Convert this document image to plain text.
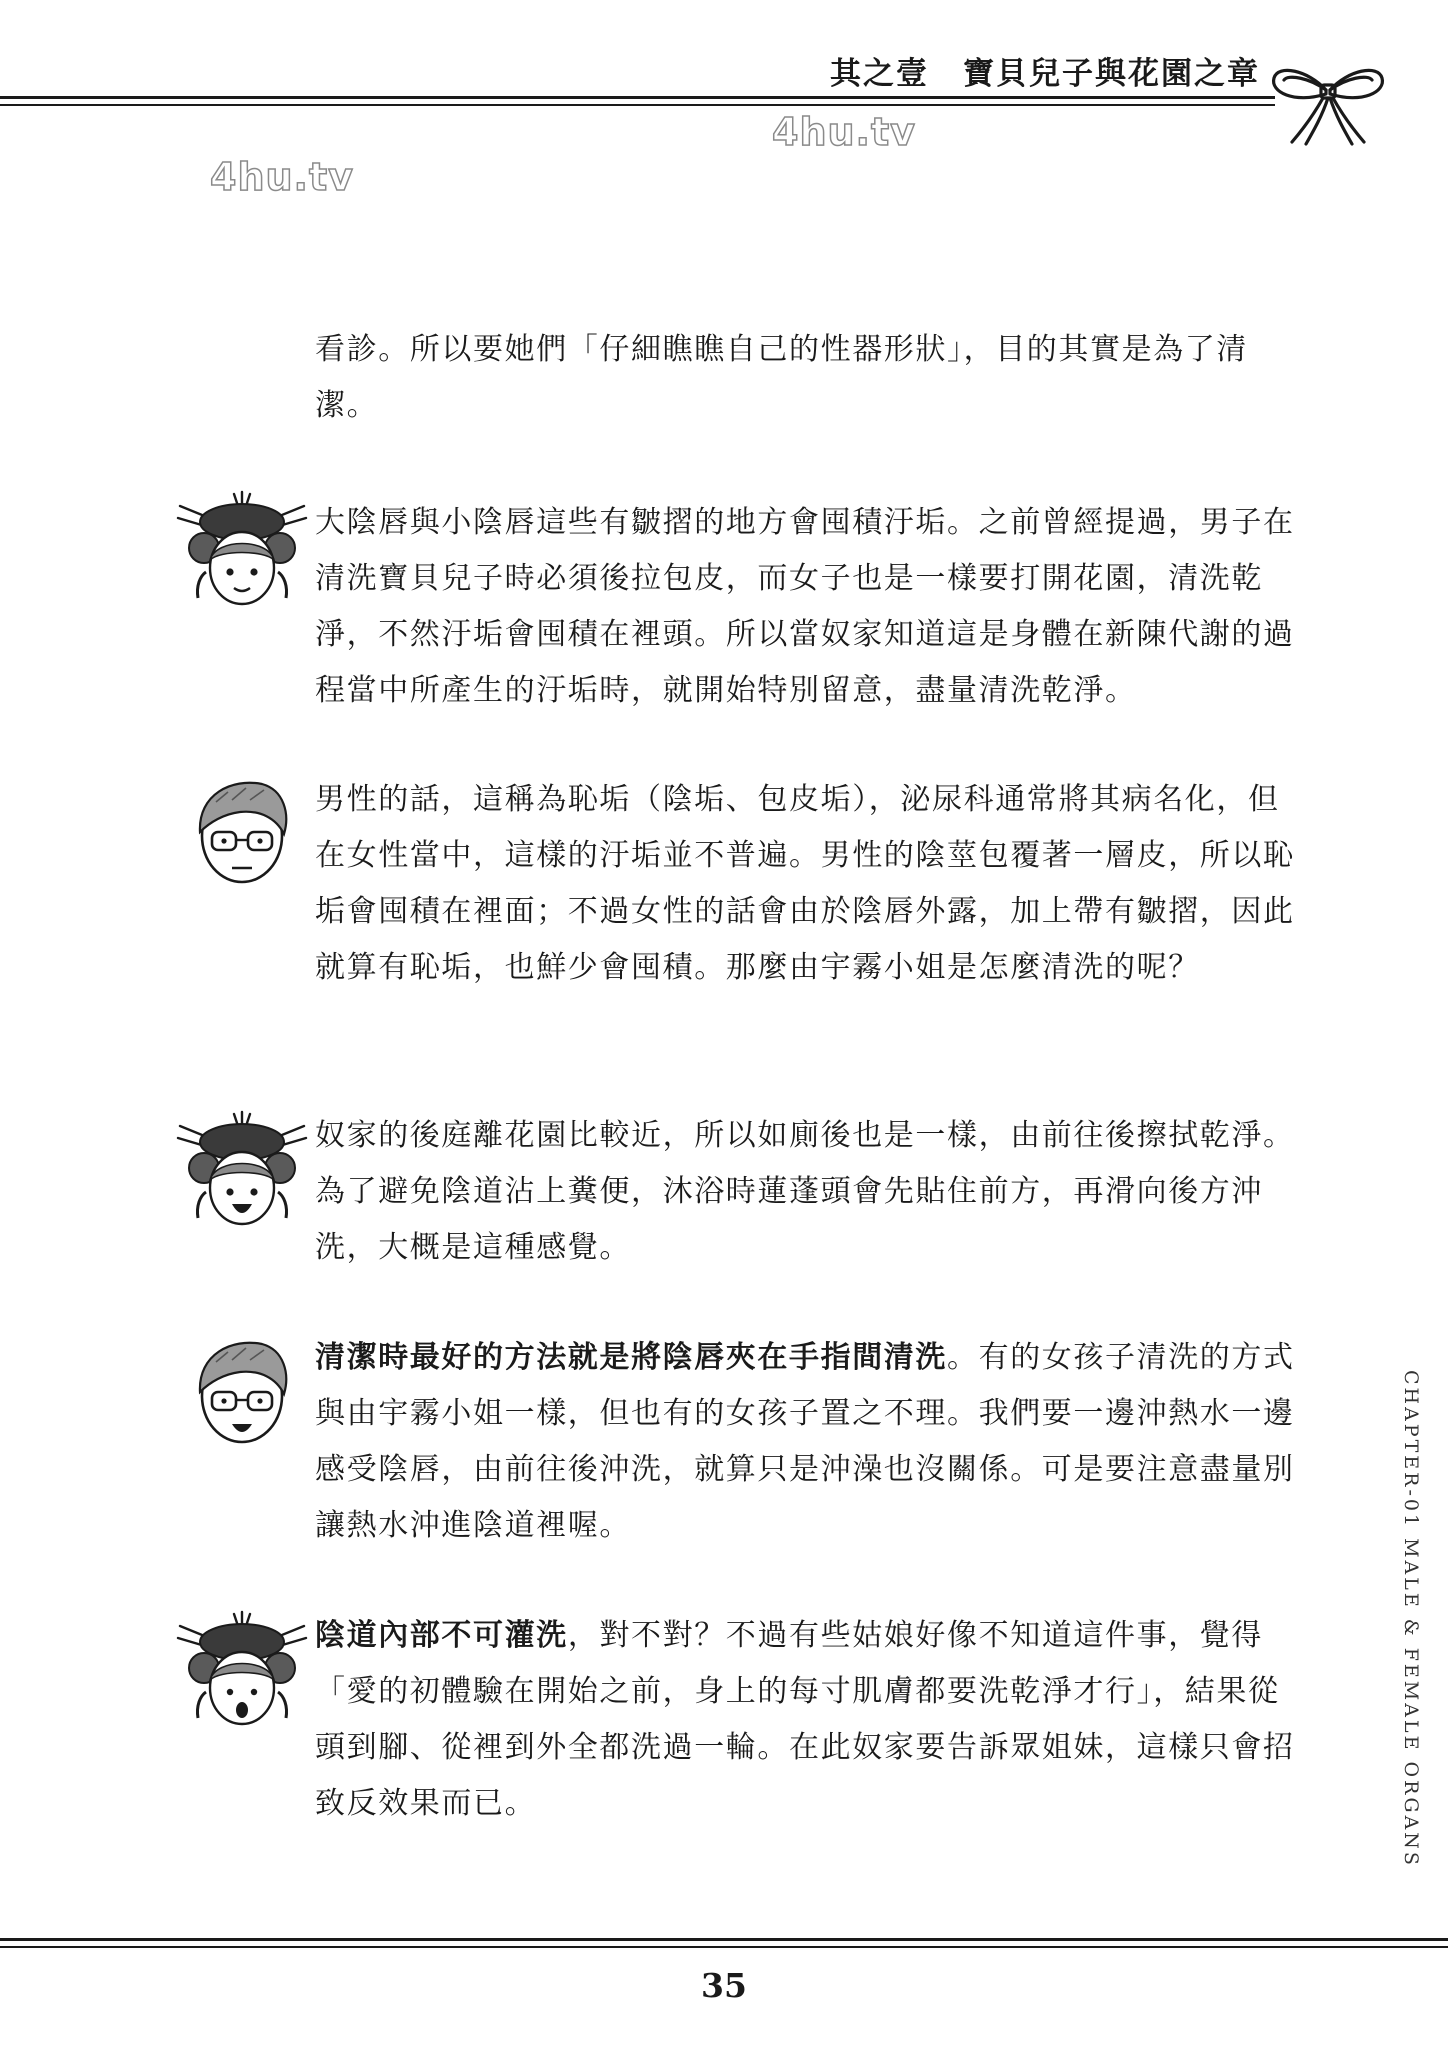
其之壹 寶貝兒子與花園之章
4hu.tv
4hu.tv

看診。所以要她們「仔細瞧瞧自己的性器形狀」，目的其實是為了清潔。

大陰唇與小陰唇這些有皺摺的地方會囤積汙垢。之前曾經提過，男子在清洗寶貝兒子時必須後拉包皮，而女子也是一樣要打開花園，清洗乾淨，不然汙垢會囤積在裡頭。所以當奴家知道這是身體在新陳代謝的過程當中所產生的汙垢時，就開始特別留意，盡量清洗乾淨。

男性的話，這稱為恥垢（陰垢、包皮垢），泌尿科通常將其病名化，但在女性當中，這樣的汙垢並不普遍。男性的陰莖包覆著一層皮，所以恥垢會囤積在裡面；不過女性的話會由於陰唇外露，加上帶有皺摺，因此就算有恥垢，也鮮少會囤積。那麼由宇霧小姐是怎麼清洗的呢？

奴家的後庭離花園比較近，所以如廁後也是一樣，由前往後擦拭乾淨。為了避免陰道沾上糞便，沐浴時蓮蓬頭會先貼住前方，再滑向後方沖洗，大概是這種感覺。

清潔時最好的方法就是將陰唇夾在手指間清洗。有的女孩子清洗的方式與由宇霧小姐一樣，但也有的女孩子置之不理。我們要一邊沖熱水一邊感受陰唇，由前往後沖洗，就算只是沖澡也沒關係。可是要注意盡量別讓熱水沖進陰道裡喔。

陰道內部不可灌洗，對不對？不過有些姑娘好像不知道這件事，覺得「愛的初體驗在開始之前，身上的每寸肌膚都要洗乾淨才行」，結果從頭到腳、從裡到外全都洗過一輪。在此奴家要告訴眾姐妹，這樣只會招致反效果而已。	CHAPTER-01 MALE & FEMALE ORGANS
35
